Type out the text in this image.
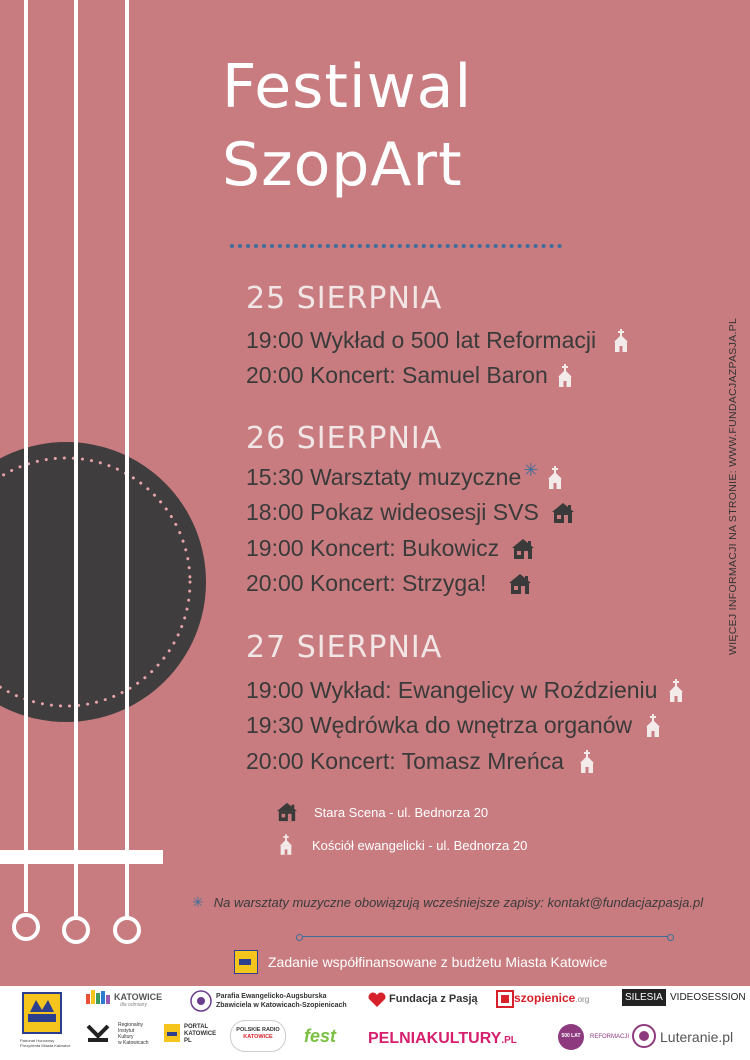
Festiwal
SzopArt
25 SIERPNIA
19:00 Wykład o 500 lat Reformacji
20:00 Koncert: Samuel Baron
26 SIERPNIA
15:30 Warsztaty muzyczne ✳
18:00 Pokaz wideosesji SVS
19:00 Koncert: Bukowicz
20:00 Koncert: Strzyga!
27 SIERPNIA
19:00 Wykład: Ewangelicy w Roździeniu
19:30 Wędrówka do wnętrza organów
20:00 Koncert: Tomasz Mreńca
WIĘCEJ INFORMACJI NA STRONIE: WWW.FUNDACJAZPASJA.PL
Stara Scena - ul. Bednorza 20
Kościół ewangelicki - ul. Bednorza 20
✳ Na warsztaty muzyczne obowiązują wcześniejsze zapisy: kontakt@fundacjazpasja.pl
Zadanie współfinansowane z budżetu Miasta Katowice
Patronat Honorowy
Prezydenta Miasta Katowice
KATOWICE
dla odmiany
Parafia Ewangelicko-Augsburska
Zbawiciela w Katowicach-Szopienicach
Fundacja z Pasją	szopienice.org	SILESIA VIDEOSESSION
Regionalny
Instytut
Kultury
w Katowicach
PORTAL
KATOWICE
PL
POLSKIE RADIO
KATOWICE	fest PELNIAKULTURY.PL	500 LAT REFORMACJI Luteranie.pl
